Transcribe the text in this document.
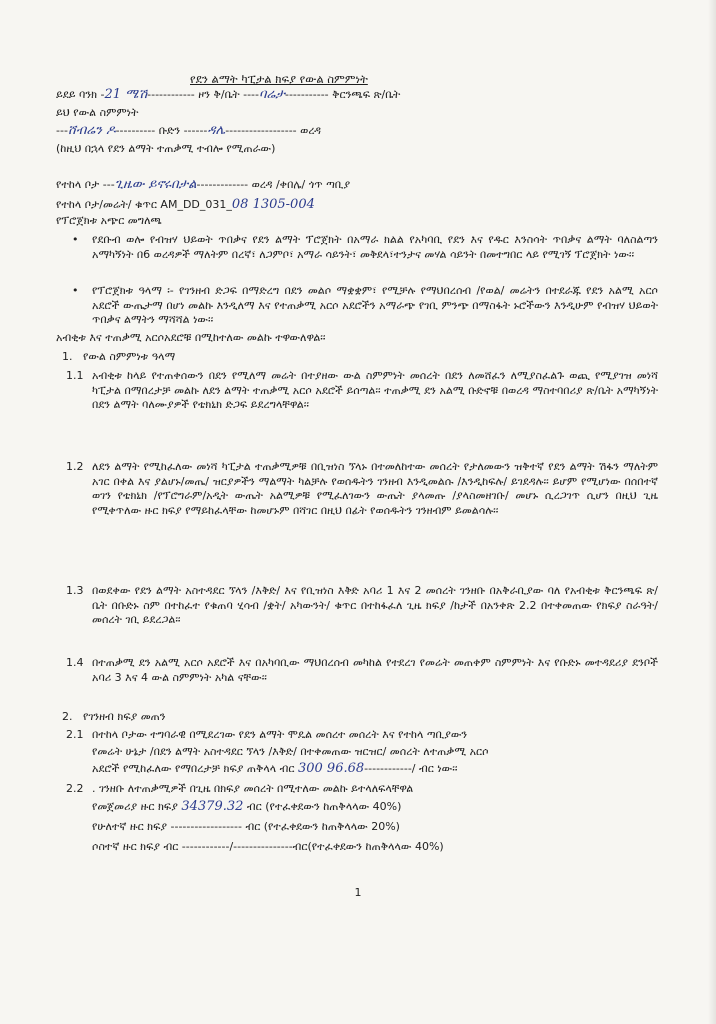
የደን ልማት ካፒታል ክፍያ የውል ስምምነት
ይደይ ባንክ -21 ሜሽ------------ ዞን ቅ/ቤት ----ባሬታ----------- ቅርንጫፍ ጽ/ቤት
ይህ የውል ስምምነት
---ሸብሬን ዶ---------- ቡድን ------ዳሌ------------------ ወረዳ
(ከዚህ በኋላ የደን ልማት ተጠቃሚ ተብሎ የሚጠራው)
የተከላ ቦታ ---ጊዜው ይኖሩበታል------------- ወረዳ /ቀበሌ/ ጎጥ ጣቢያ
የተከላ ቦታ/መሬት/ ቁጥር AM_DD_031_08 1305-004
የፕሮጀክቱ አጭር መግለጫ
• የደቡብ ወሎ የብዝሃ ህይወት ጥበቃና የደን ልማት ፕሮጀክት በአማራ ክልል የአካባቢ የደን እና የዱር እንስሳት ጥበቃና ልማት ባለስልጣን አማካኝነት በ6 ወረዳዎች ማለትም በረኛ፣ ለጋምቦ፣ አማራ ሳይንት፣ መቅደላ፣ተንታና መሃል ሳይንት በመተግበር ላይ የሚገኝ ፕሮጀክት ነው፡፡
• የፕሮጀክቱ ዓላማ ፡- የገንዘብ ድጋፍ በማድረግ በደን መልሶ ማቋቋም፣ የሚቻሉ የማህበረሰብ /የወል/ መሬትን በተደራጁ የደን አልሚ አርሶ አደሮች ውጤታማ በሆነ መልኩ እንዲለማ እና የተጠቃሚ አርሶ አደሮችን አማራጭ የገቢ ምንጭ በማስፋት ኑሮችውን እንዲሁም የብዝሃ ህይወት ጥበቃና ልማትን ማሻሻል ነው፡፡
አብቂቱ እና ተጠቃሚ አርሶአደሮቹ በሚከተለው መልኩ ተዋውለዋል፡፡
1. የውል ስምምነቱ ዓላማ
1.1 አብቂቱ ከላይ የተጠቀሰውን በደን የሚለማ መሬት በተያዘው ውል ስምምነት መሰረት በደን ለመሸፈን ለሚያስፈልጉ ወጪ የሚያገዝ መነሻ ካፒታል በማበረታቻ መልኩ ለደን ልማት ተጠቃሚ አርሶ አደሮች ይሰጣል፡፡ ተጠቃሚ ደን አልሚ ቡድኖቹ በወረዳ ማስተባበሪያ ጽ/ቤት አማካኝነት በደን ልማት ባለሙያዎች የቴክኒክ ድጋፍ ይደረግላቸዋል፡፡
1.2 ለደን ልማት የሚከፈለው መነሻ ካፒታል ተጠቃሚዎቹ በቢዝነስ ኘላኑ በተመለከተው መሰረት የታለመውን ዝቅተኛ የደን ልማት ሽፋን ማለትም አገር በቀል እና ያልሆኑ/መጤ/ ዝርያዎችን ማልማት ካልቻሉ የወሰዱትን ገንዘብ እንዲመልሱ /እንዲከፍሉ/ ይገደዳሉ፡፡ ይሆም የሚሆነው በሰበተኛ ወገን የቴክኒክ /የፕሮግራም/አዲት ውጤት አልሚዎቹ የሚፈለገውን ውጤት ያላመጡ /ያላስመዘገቡ/ መሆኑ ሲረጋገጥ ሲሆን በዚህ ጊዜ የሚቀጥለው ዙር ክፍያ የማይከፈላቸው ከመሆኑም በሻገር በዚህ በፊት የወሰዱትን ገንዘብም ይመልሳሉ፡፡
1.3 በወደቀው የደን ልማት አስተዳደር ኘላን /እቅድ/ እና የቢዝነስ እቅድ አባሪ 1 እና 2 መሰረት ገንዘቡ በአቅራቢያው ባለ የአብቂቱ ቅርንጫፍ ጽ/ቤት በቡድኑ ስም በተከፈተ የቁጠባ ሂሳብ /ቋት/ አካውንት/ ቁጥር በተከፋፈለ ጊዜ ክፍያ /ከታች በአንቀጽ 2.2 በተቀመጠው የክፍያ ስራዓት/ መሰረት ገቢ ይደረጋል፡፡
1.4 በተጠቃሚ ደን አልሚ አርሶ አደሮች እና በአካባቢው ማህበረሰብ መካከል የተደረገ የመሬት መጠቀም ስምምነት እና የቡድኑ መተዳደሪያ ደንቦች አባሪ 3 እና 4 ውል ስምምነት አካል ናቸው፡፡
2. የገንዘብ ክፍያ መጠን
2.1 በተከላ ቦታው ተግባራዊ በሚደረገው የደን ልማት ሞዴል መሰረተ መሰረት እና የተከላ ጣቢያውን
የመሬት ሁኔታ /በደን ልማት አስተዳደር ኘላን /እቅድ/ በተቀመጠው ዝርዝር/ መሰረት ለተጠቃሚ አርሶ
አደሮች የሚከፈለው የማበረታቻ ክፍያ ጠቅላላ ብር 300 96.68------------/ ብር ነው፡፡
2.2 . ገንዘቡ ለተጠቃሚዎች በጊዜ በክፍያ መሰረት በሚተለው መልኩ ይተላለፍላቸዋል
የመጀመሪያ ዙር ክፍያ 34379.32 ብር (የተፈቀደውን ከጠቅላላው 40%)
የሁለተኛ ዙር ክፍያ ------------------ ብር (የተፈቀደውን ከጠቅላላው 20%)
ሶስተኛ ዙር ክፍያ ብር ------------/---------------ብር(የተፈቀደውን ከጠቅላላው 40%)
1
